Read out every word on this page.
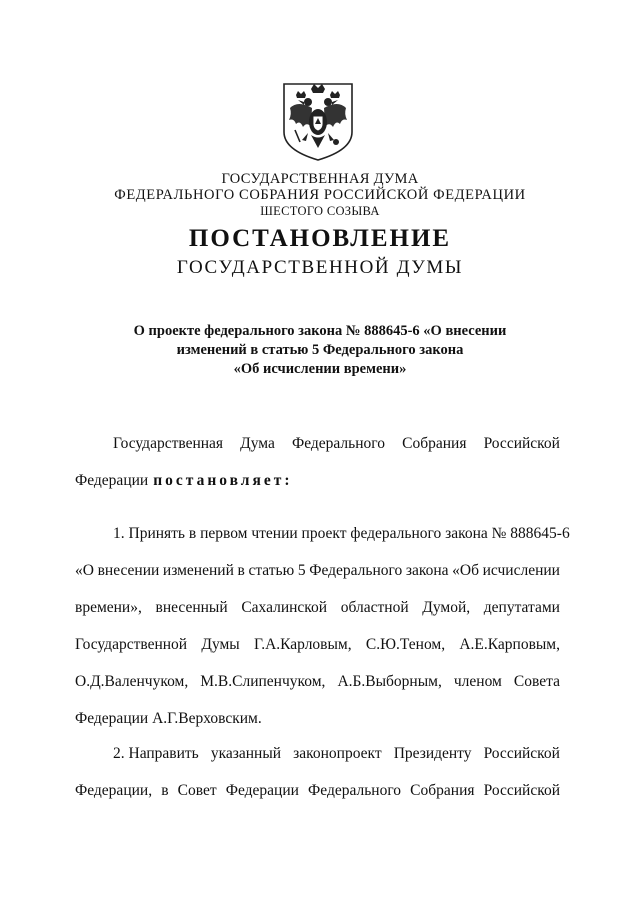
ГОСУДАРСТВЕННАЯ ДУМА
ФЕДЕРАЛЬНОГО СОБРАНИЯ РОССИЙСКОЙ ФЕДЕРАЦИИ
ШЕСТОГО СОЗЫВА
ПОСТАНОВЛЕНИЕ
ГОСУДАРСТВЕННОЙ ДУМЫ
О проекте федерального закона № 888645-6 «О внесении
изменений в статью 5 Федерального закона
«Об исчислении времени»
Государственная Дума Федерального Собрания Российской
Федерации постановляет:
1. Принять в первом чтении проект федерального закона № 888645-6
«О внесении изменений в статью 5 Федерального закона «Об исчислении
времени», внесенный Сахалинской областной Думой, депутатами
Государственной Думы Г.А.Карловым, С.Ю.Теном, А.Е.Карповым,
О.Д.Валенчуком, М.В.Слипенчуком, А.Б.Выборным, членом Совета
Федерации А.Г.Верховским.
2. Направить указанный законопроект Президенту Российской
Федерации, в Совет Федерации Федерального Собрания Российской
